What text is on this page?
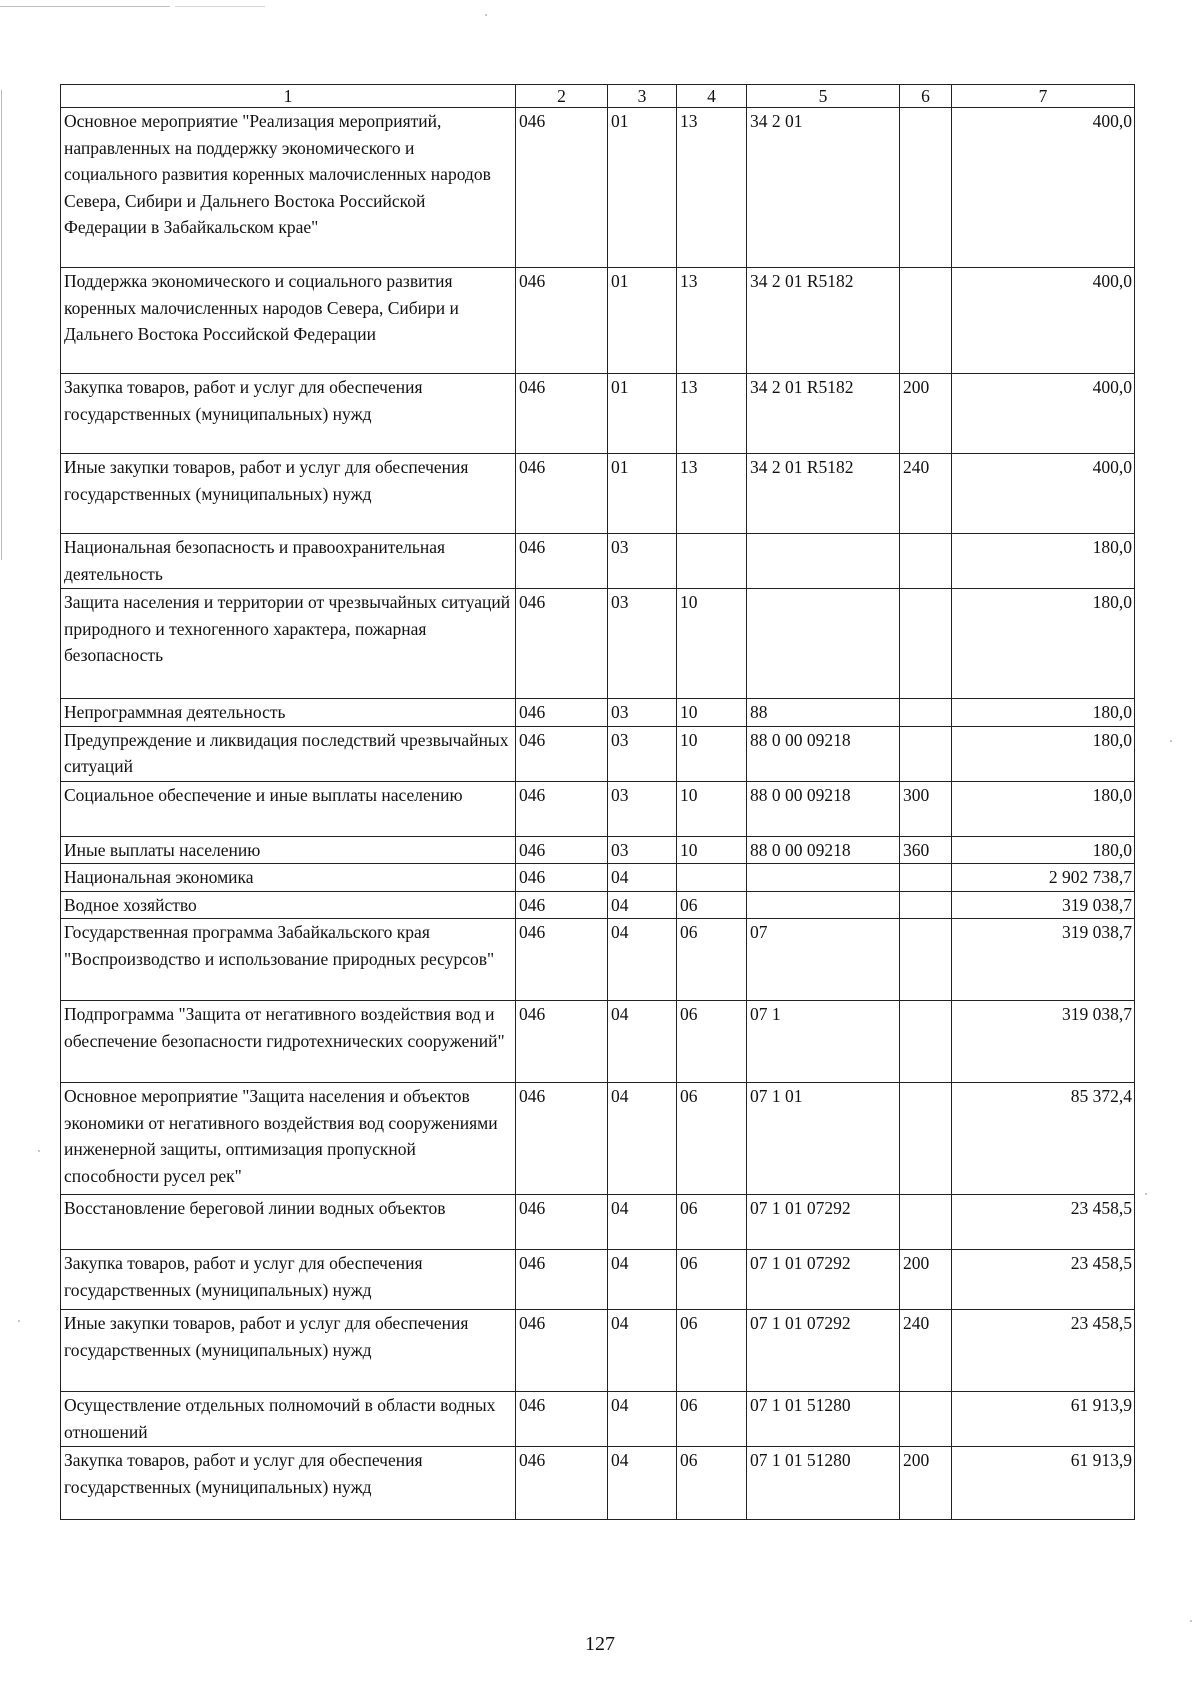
1	2	3	4	5	6	7
Основное мероприятие "Реализация мероприятий, направленных на поддержку экономического и социального развития коренных малочисленных народов Севера, Сибири и Дальнего Востока Российской Федерации в Забайкальском крае"	046	01	13	34 2 01		400,0
Поддержка экономического и социального развития коренных малочисленных народов Севера, Сибири и Дальнего Востока Российской Федерации	046	01	13	34 2 01 R5182		400,0
Закупка товаров, работ и услуг для обеспечения государственных (муниципальных) нужд	046	01	13	34 2 01 R5182	200	400,0
Иные закупки товаров, работ и услуг для обеспечения государственных (муниципальных) нужд	046	01	13	34 2 01 R5182	240	400,0
Национальная безопасность и правоохранительная деятельность	046	03				180,0
Защита населения и территории от чрезвычайных ситуаций природного и техногенного характера, пожарная безопасность	046	03	10			180,0
Непрограммная деятельность	046	03	10	88		180,0
Предупреждение и ликвидация последствий чрезвычайных ситуаций	046	03	10	88 0 00 09218		180,0
Социальное обеспечение и иные выплаты населению	046	03	10	88 0 00 09218	300	180,0
Иные выплаты населению	046	03	10	88 0 00 09218	360	180,0
Национальная экономика	046	04				2 902 738,7
Водное хозяйство	046	04	06			319 038,7
Государственная программа Забайкальского края "Воспроизводство и использование природных ресурсов"	046	04	06	07		319 038,7
Подпрограмма "Защита от негативного воздействия вод и обеспечение безопасности гидротехнических сооружений"	046	04	06	07 1		319 038,7
Основное мероприятие "Защита населения и объектов экономики от негативного воздействия вод сооружениями инженерной защиты, оптимизация пропускной способности русел рек"	046	04	06	07 1 01		85 372,4
Восстановление береговой линии водных объектов	046	04	06	07 1 01 07292		23 458,5
Закупка товаров, работ и услуг для обеспечения государственных (муниципальных) нужд	046	04	06	07 1 01 07292	200	23 458,5
Иные закупки товаров, работ и услуг для обеспечения государственных (муниципальных) нужд	046	04	06	07 1 01 07292	240	23 458,5
Осуществление отдельных полномочий в области водных отношений	046	04	06	07 1 01 51280		61 913,9
Закупка товаров, работ и услуг для обеспечения государственных (муниципальных) нужд	046	04	06	07 1 01 51280	200	61 913,9
127
